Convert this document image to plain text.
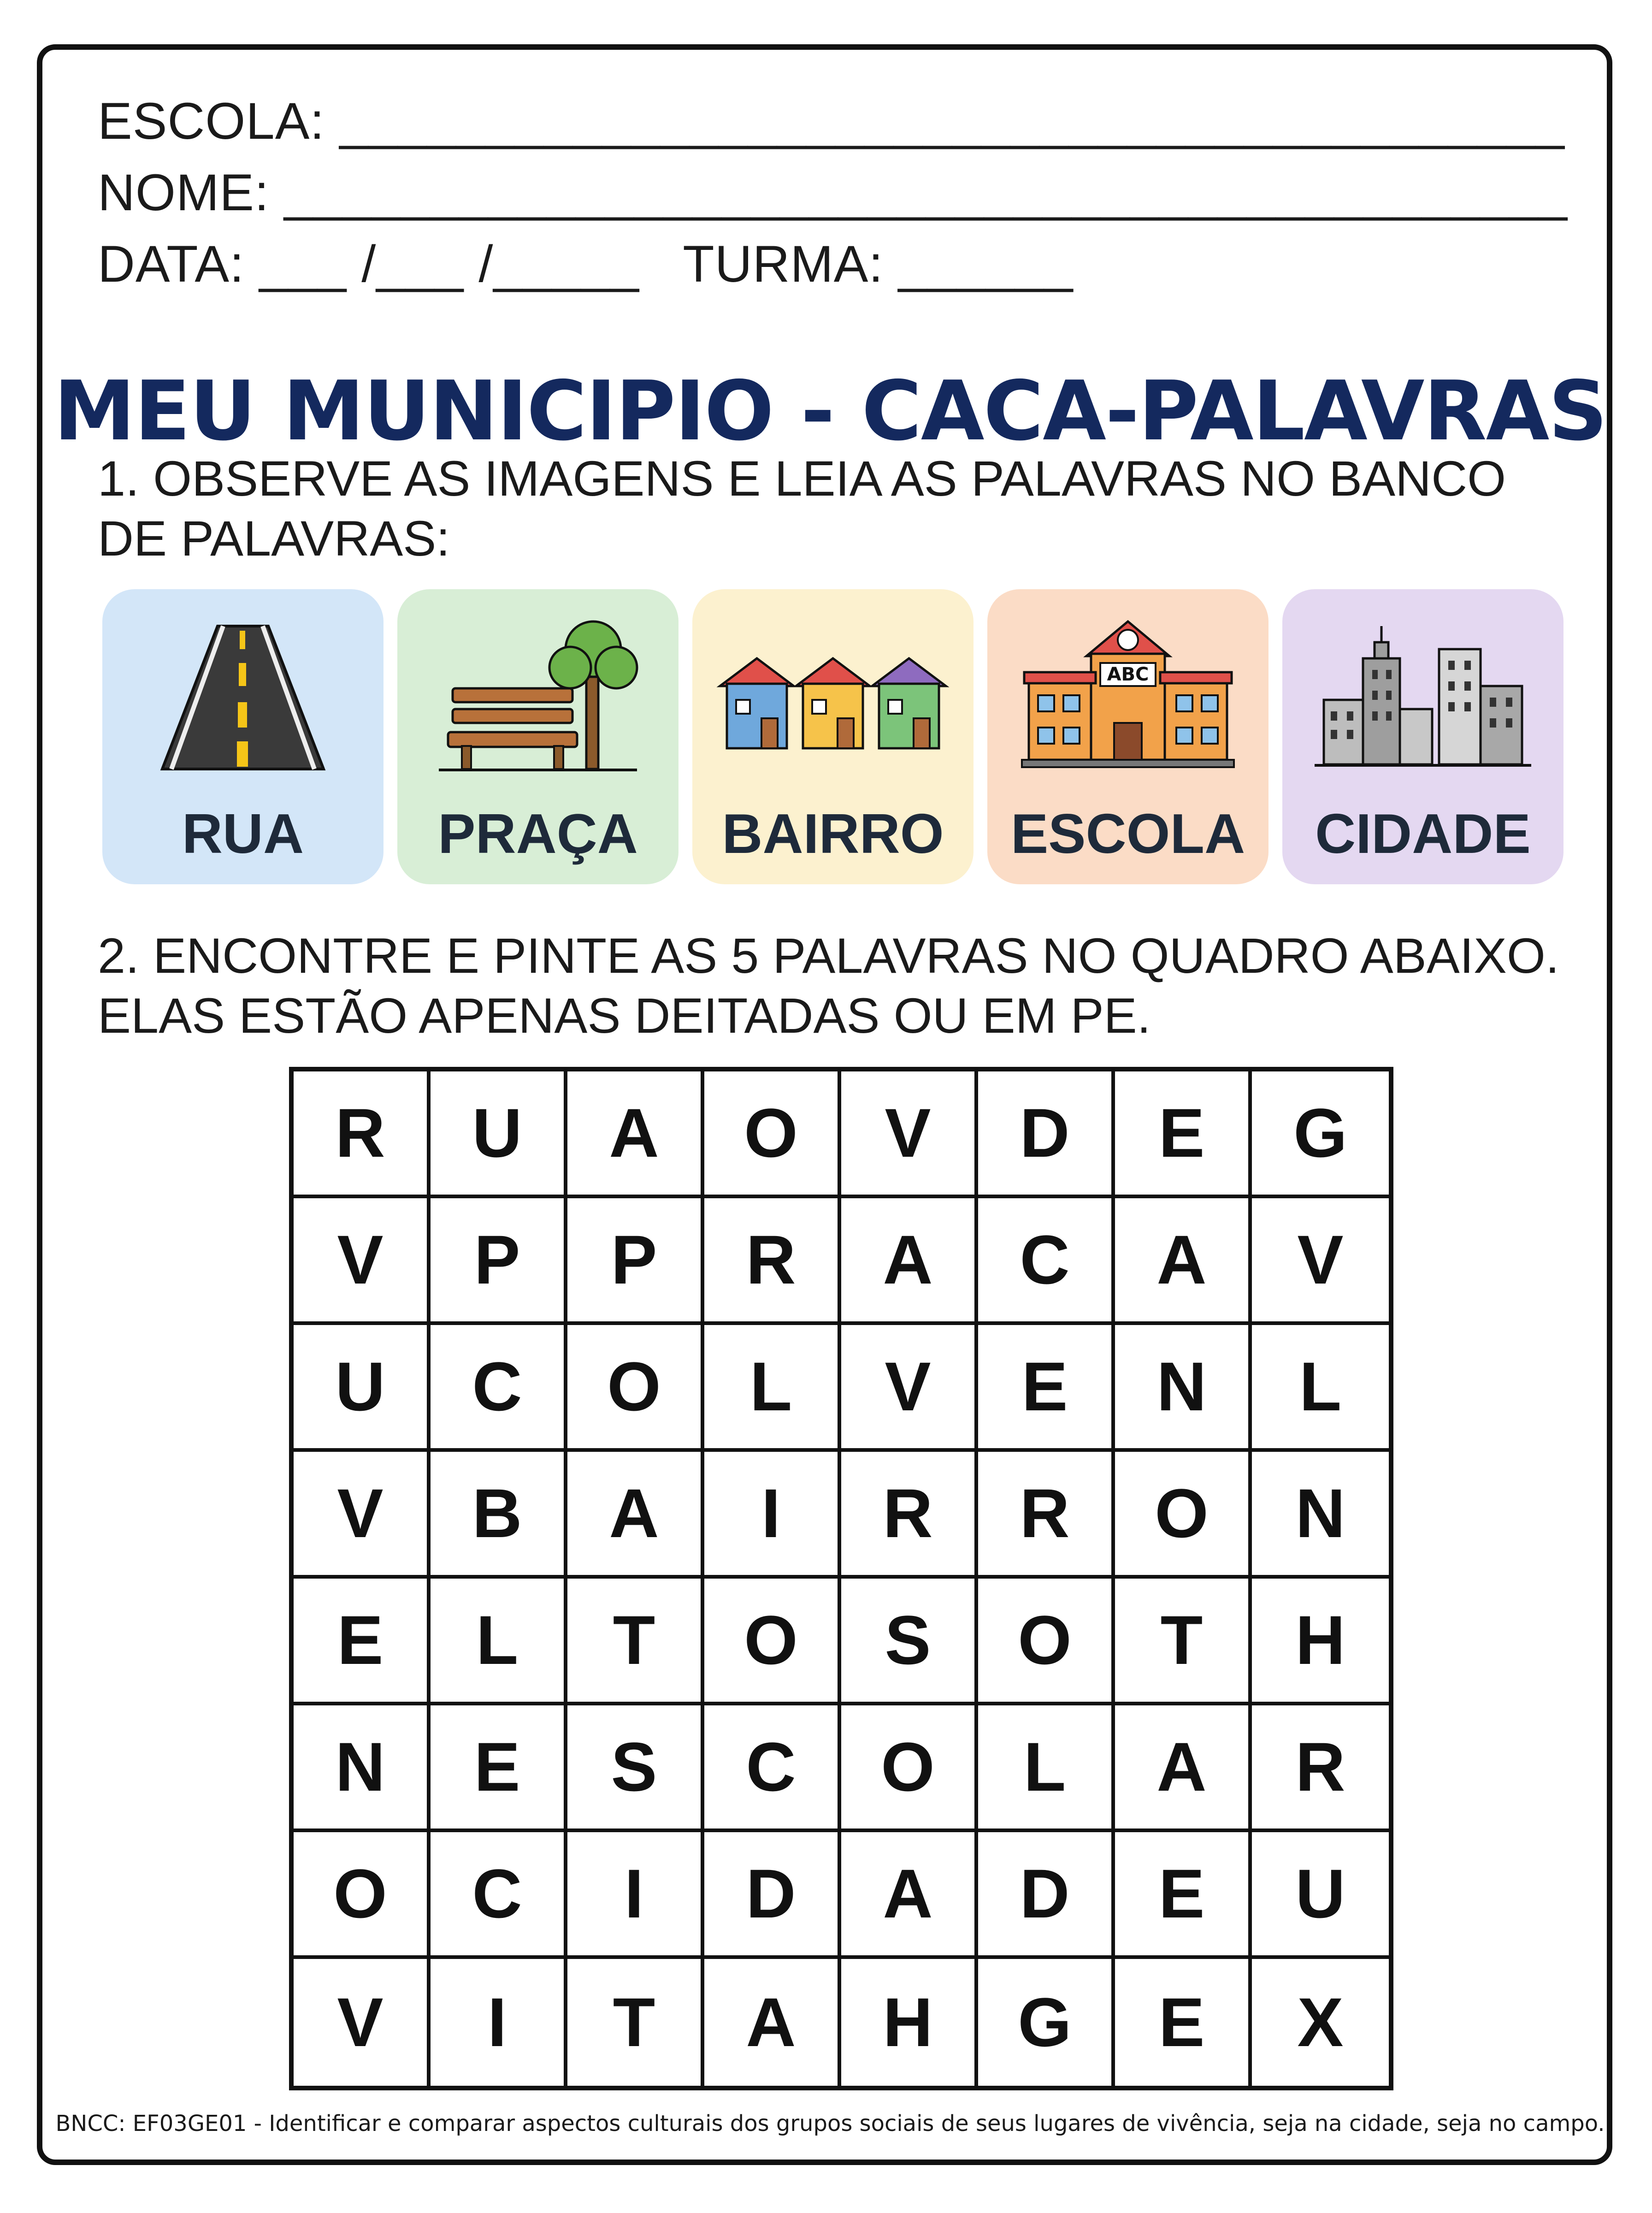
ESCOLA: __________________________________________
NOME: ____________________________________________
DATA: ___ /___ /_____   TURMA: ______
MEU MUNICIPIO - CACA-PALAVRAS
1. OBSERVE AS IMAGENS E LEIA AS PALAVRAS NO BANCO DE PALAVRAS:
RUA	PRAÇA	BAIRRO
ABC
ESCOLA	CIDADE
2. ENCONTRE E PINTE AS 5 PALAVRAS NO QUADRO ABAIXO. ELAS ESTÃO APENAS DEITADAS OU EM PE.
R	U	A	O	V	D	E	G
V	P	P	R	A	C	A	V
U	C	O	L	V	E	N	L
V	B	A	I	R	R	O	N
E	L	T	O	S	O	T	H
N	E	S	C	O	L	A	R
O	C	I	D	A	D	E	U
V	I	T	A	H	G	E	X
BNCC: EF03GE01 - Identificar e comparar aspectos culturais dos grupos sociais de seus lugares de vivência, seja na cidade, seja no campo.
